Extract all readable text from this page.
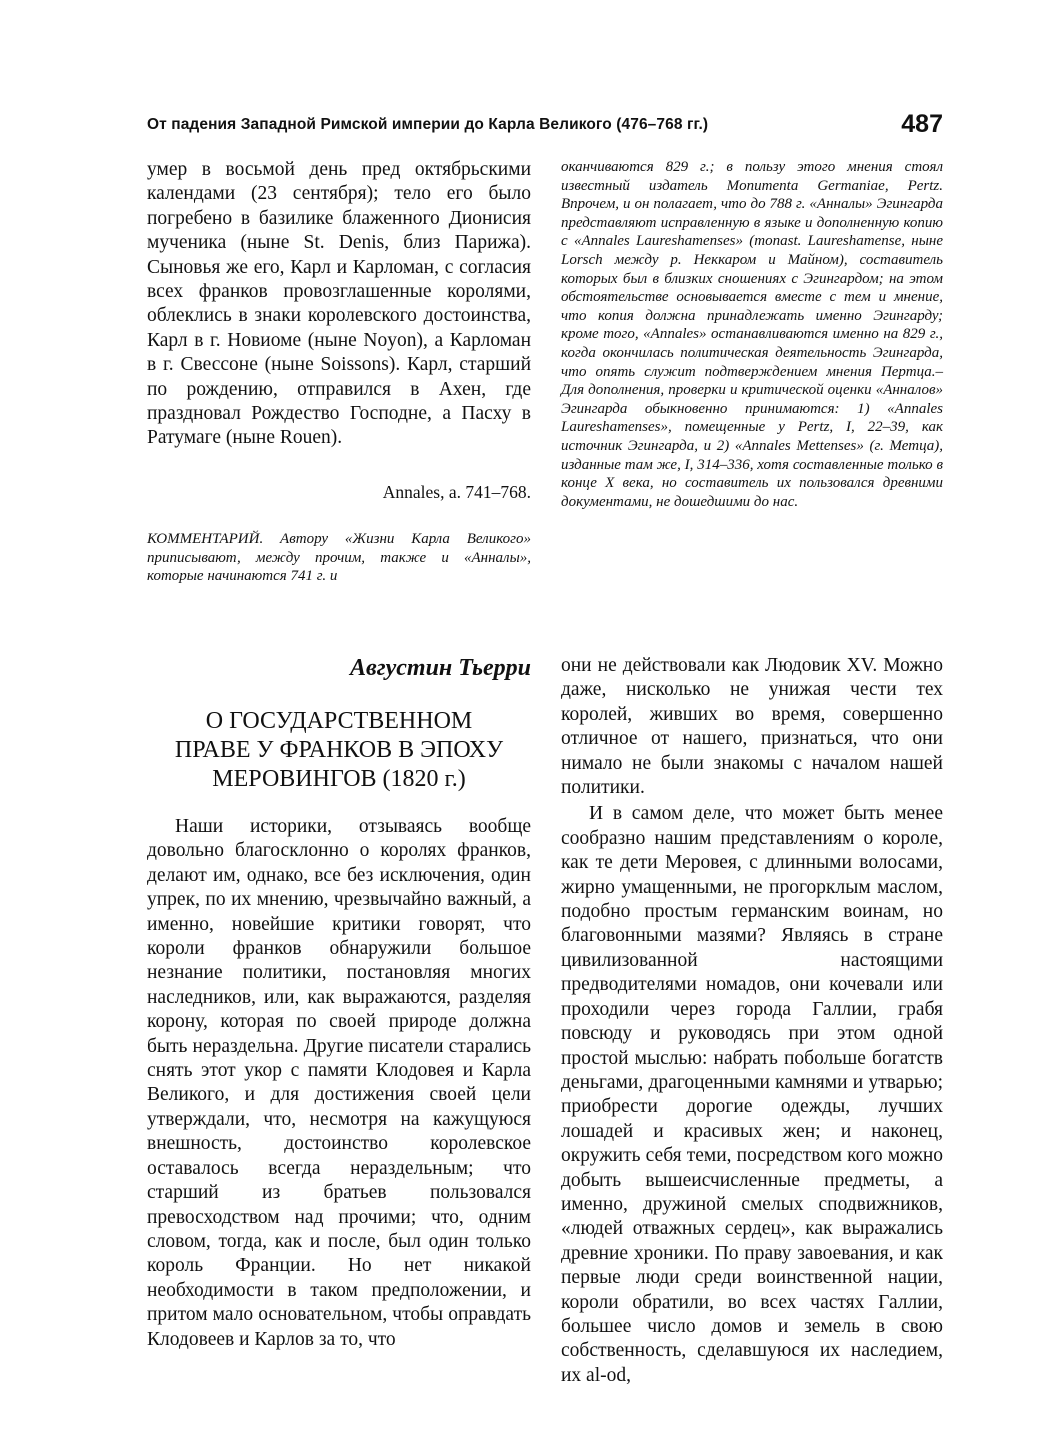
От падения Западной Римской империи до Карла Великого (476–768 гг.)	487

умер в восьмой день пред октябрьскими календами (23 сентября); тело его было погребено в базилике блаженного Дионисия мученика (ныне St. Denis, близ Парижа). Сыновья же его, Карл и Карломан, с согласия всех франков провозглашенные королями, облеклись в знаки королевского достоинства, Карл в г. Новиоме (ныне Noyon), а Карломан в г. Свессоне (ныне Soissons). Карл, старший по рождению, отправился в Ахен, где праздновал Рождество Господне, а Пасху в Ратумаге (ныне Rouen).

Annales, a. 741–768.

КОММЕНТАРИЙ. Автору «Жизни Карла Великого» приписывают, между прочим, также и «Анналы», которые начинаются 741 г. и

оканчиваются 829 г.; в пользу этого мнения стоял известный издатель Monumenta Germaniae, Pertz. Впрочем, и он полагает, что до 788 г. «Анналы» Эгингарда представляют исправленную в языке и дополненную копию с «Annales Laureshamenses» (monast. Laureshamense, ныне Lorsch между р. Неккаром и Майном), составитель которых был в близких сношениях с Эгингардом; на этом обстоятельстве основывается вместе с тем и мнение, что копия должна принадлежать именно Эгингарду; кроме того, «Annales» останавливаются именно на 829 г., когда окончилась политическая деятельность Эгингарда, что опять служит подтверждением мнения Пертца.– Для дополнения, проверки и критической оценки «Анналов» Эгингарда обыкновенно принимаются: 1) «Annales Laureshamenses», помещенные у Pertz, I, 22–39, как источник Эгингарда, и 2) «Annales Mettenses» (г. Метца), изданные там же, I, 314–336, хотя составленные только в конце X века, но составитель их пользовался древними документами, не дошедшими до нас.

Августин Тьерри
О ГОСУДАРСТВЕННОМ
ПРАВЕ У ФРАНКОВ В ЭПОХУ
МЕРОВИНГОВ (1820 г.)

Наши историки, отзываясь вообще довольно благосклонно о королях франков, делают им, однако, все без исключения, один упрек, по их мнению, чрезвычайно важный, а именно, новейшие критики говорят, что короли франков обнаружили большое незнание политики, постановляя многих наследников, или, как выражаются, разделяя корону, которая по своей природе должна быть нераздельна. Другие писатели старались снять этот укор с памяти Клодовея и Карла Великого, и для достижения своей цели утверждали, что, несмотря на кажущуюся внешность, достоинство королевское оставалось всегда нераздельным; что старший из братьев пользовался превосходством над прочими; что, одним словом, тогда, как и после, был один только король Франции. Но нет никакой необходимости в таком предположении, и притом мало основательном, чтобы оправдать Клодовеев и Карлов за то, что

они не действовали как Людовик XV. Можно даже, нисколько не унижая чести тех королей, живших во время, совершенно отличное от нашего, признаться, что они нимало не были знакомы с началом нашей политики.

И в самом деле, что может быть менее сообразно нашим представлениям о короле, как те дети Меровея, с длинными волосами, жирно умащенными, не прогорклым маслом, подобно простым германским воинам, но благовонными мазями? Являясь в стране цивилизованной настоящими предводителями номадов, они кочевали или проходили через города Галлии, грабя повсюду и руководясь при этом одной простой мыслью: набрать побольше богатств деньгами, драгоценными камнями и утварью; приобрести дорогие одежды, лучших лошадей и красивых жен; и наконец, окружить себя теми, посредством кого можно добыть вышеисчисленные предметы, а именно, дружиной смелых сподвижников, «людей отважных сердец», как выражались древние хроники. По праву завоевания, и как первые люди среди воинственной нации, короли обратили, во всех частях Галлии, большее число домов и земель в свою собственность, сделавшуюся их наследием, их al-od,
